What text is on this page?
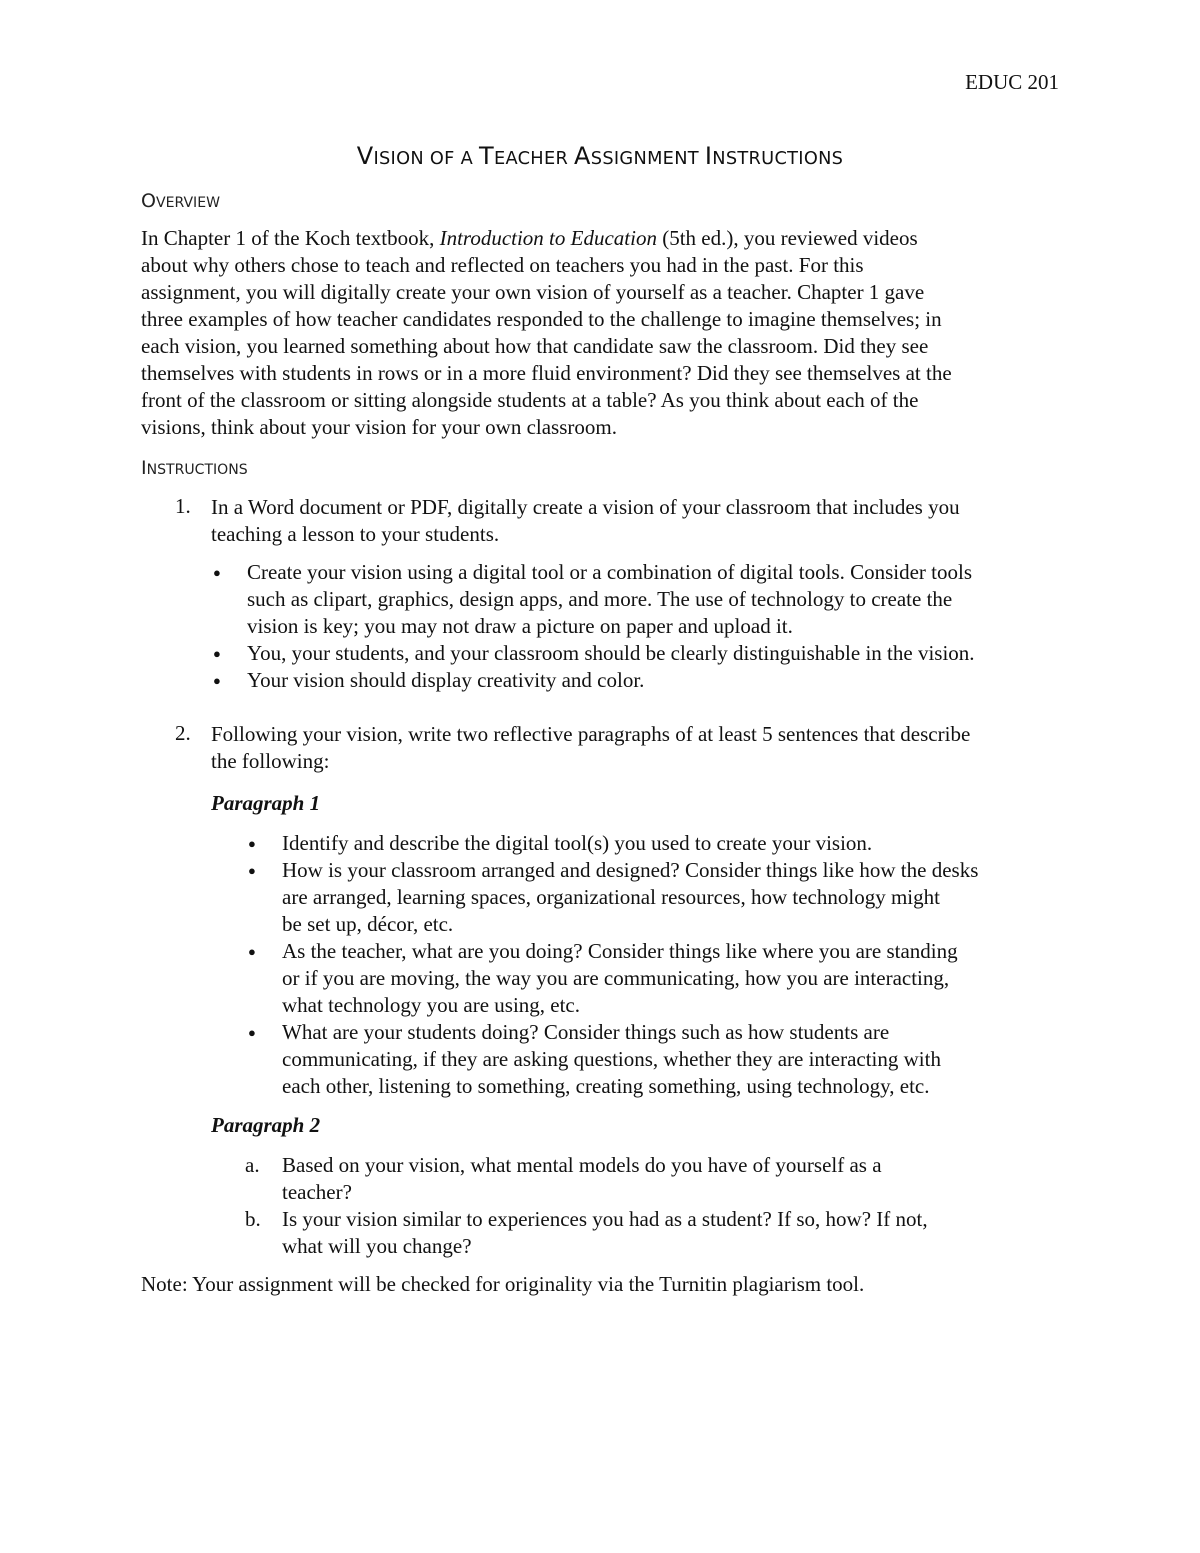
EDUC 201
VISION OF A TEACHER ASSIGNMENT INSTRUCTIONS
OVERVIEW
In Chapter 1 of the Koch textbook, Introduction to Education (5th ed.), you reviewed videos
about why others chose to teach and reflected on teachers you had in the past. For this
assignment, you will digitally create your own vision of yourself as a teacher. Chapter 1 gave
three examples of how teacher candidates responded to the challenge to imagine themselves; in
each vision, you learned something about how that candidate saw the classroom. Did they see
themselves with students in rows or in a more fluid environment? Did they see themselves at the
front of the classroom or sitting alongside students at a table? As you think about each of the
visions, think about your vision for your own classroom.
INSTRUCTIONS
1. In a Word document or PDF, digitally create a vision of your classroom that includes you
teaching a lesson to your students.
● Create your vision using a digital tool or a combination of digital tools. Consider tools
such as clipart, graphics, design apps, and more. The use of technology to create the
vision is key; you may not draw a picture on paper and upload it.
● You, your students, and your classroom should be clearly distinguishable in the vision.
● Your vision should display creativity and color.
2. Following your vision, write two reflective paragraphs of at least 5 sentences that describe
the following:
Paragraph 1
● Identify and describe the digital tool(s) you used to create your vision.
● How is your classroom arranged and designed? Consider things like how the desks
are arranged, learning spaces, organizational resources, how technology might
be set up, décor, etc.
● As the teacher, what are you doing? Consider things like where you are standing
or if you are moving, the way you are communicating, how you are interacting,
what technology you are using, etc.
● What are your students doing? Consider things such as how students are
communicating, if they are asking questions, whether they are interacting with
each other, listening to something, creating something, using technology, etc.
Paragraph 2
a. Based on your vision, what mental models do you have of yourself as a
teacher?
b. Is your vision similar to experiences you had as a student? If so, how? If not,
what will you change?
Note: Your assignment will be checked for originality via the Turnitin plagiarism tool.
